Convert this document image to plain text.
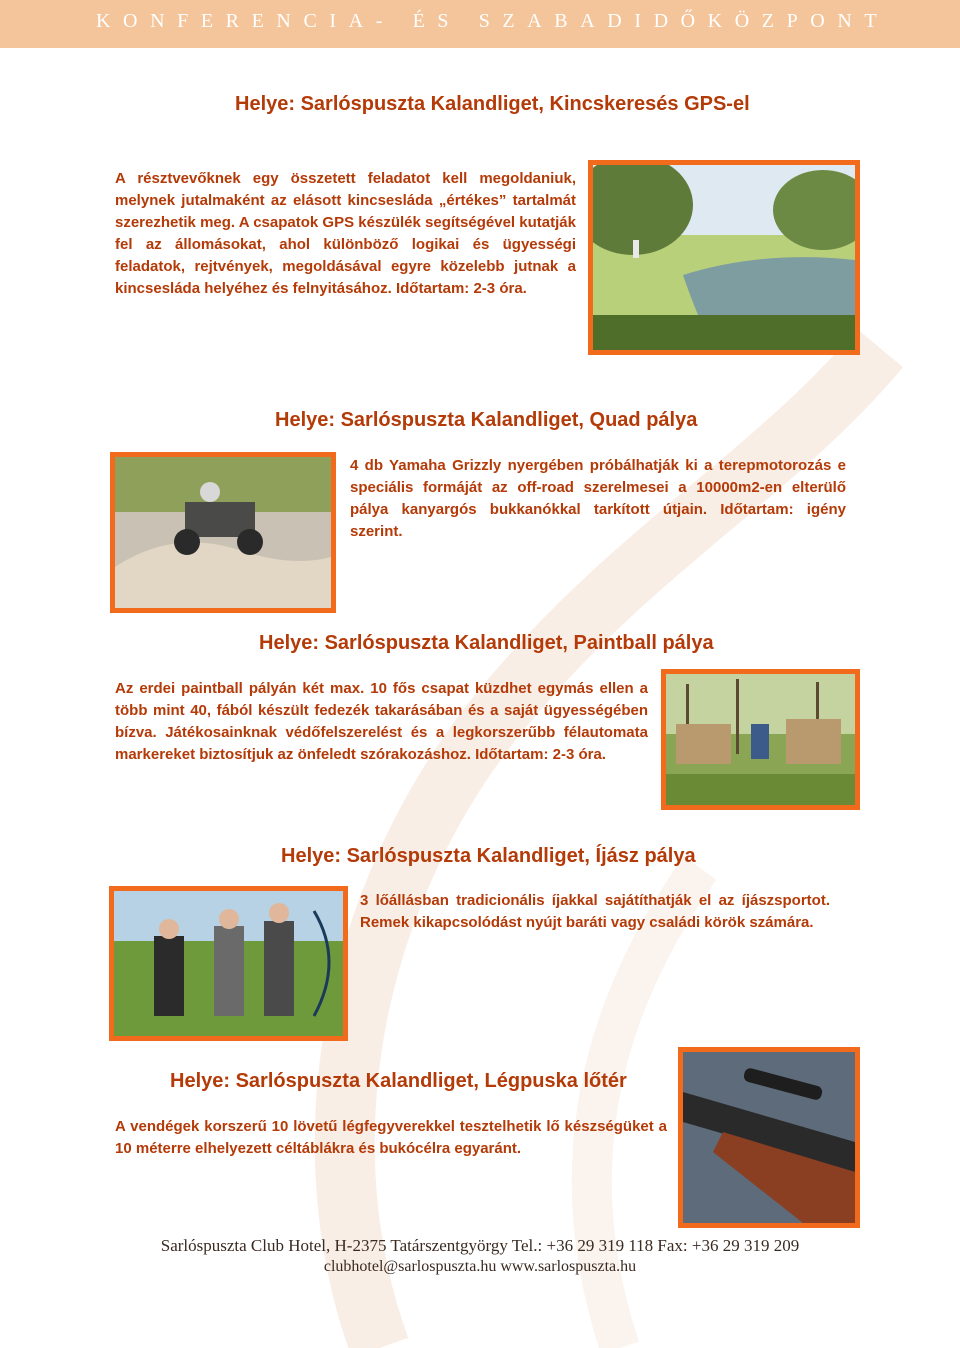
KONFERENCIA- ÉS SZABADIDŐKÖZPONT
Helye: Sarlóspuszta Kalandliget, Kincskeresés GPS-el
A résztvevőknek egy összetett feladatot kell megoldaniuk, melynek jutalmaként az elásott kincsesláda „értékes” tartalmát szerezhetik meg. A csapatok GPS készülék segítségével kutatják fel az állomásokat, ahol különböző logikai és ügyességi feladatok, rejtvények, megoldásával egyre közelebb jutnak a kincsesláda helyéhez és felnyitásához. Időtartam: 2-3 óra.
Helye: Sarlóspuszta Kalandliget, Quad pálya
4 db Yamaha Grizzly nyergében próbálhatják ki a terepmotorozás e speciális formáját az off-road szerelmesei a 10000m2-en elterülő pálya kanyargós bukkanókkal tarkított útjain. Időtartam: igény szerint.
Helye: Sarlóspuszta Kalandliget, Paintball pálya
Az erdei paintball pályán két max. 10 fős csapat küzdhet egymás ellen a több mint 40, fából készült fedezék takarásában és a saját ügyességében bízva. Játékosainknak védőfelszerelést és a legkorszerűbb félautomata markereket biztosítjuk az önfeledt szórakozáshoz. Időtartam: 2-3 óra.
Helye: Sarlóspuszta Kalandliget, Íjász pálya
3 lőállásban tradicionális íjakkal sajátíthatják el az íjászsportot. Remek kikapcsolódást nyújt baráti vagy családi körök számára.
Helye: Sarlóspuszta Kalandliget, Légpuska lőtér
A vendégek korszerű 10 lövetű légfegyverekkel tesztelhetik lő készségüket a 10 méterre elhelyezett céltáblákra és bukócélra egyaránt.
Sarlóspuszta Club Hotel, H-2375 Tatárszentgyörgy Tel.: +36 29 319 118 Fax: +36 29 319 209
clubhotel@sarlospuszta.hu www.sarlospuszta.hu
